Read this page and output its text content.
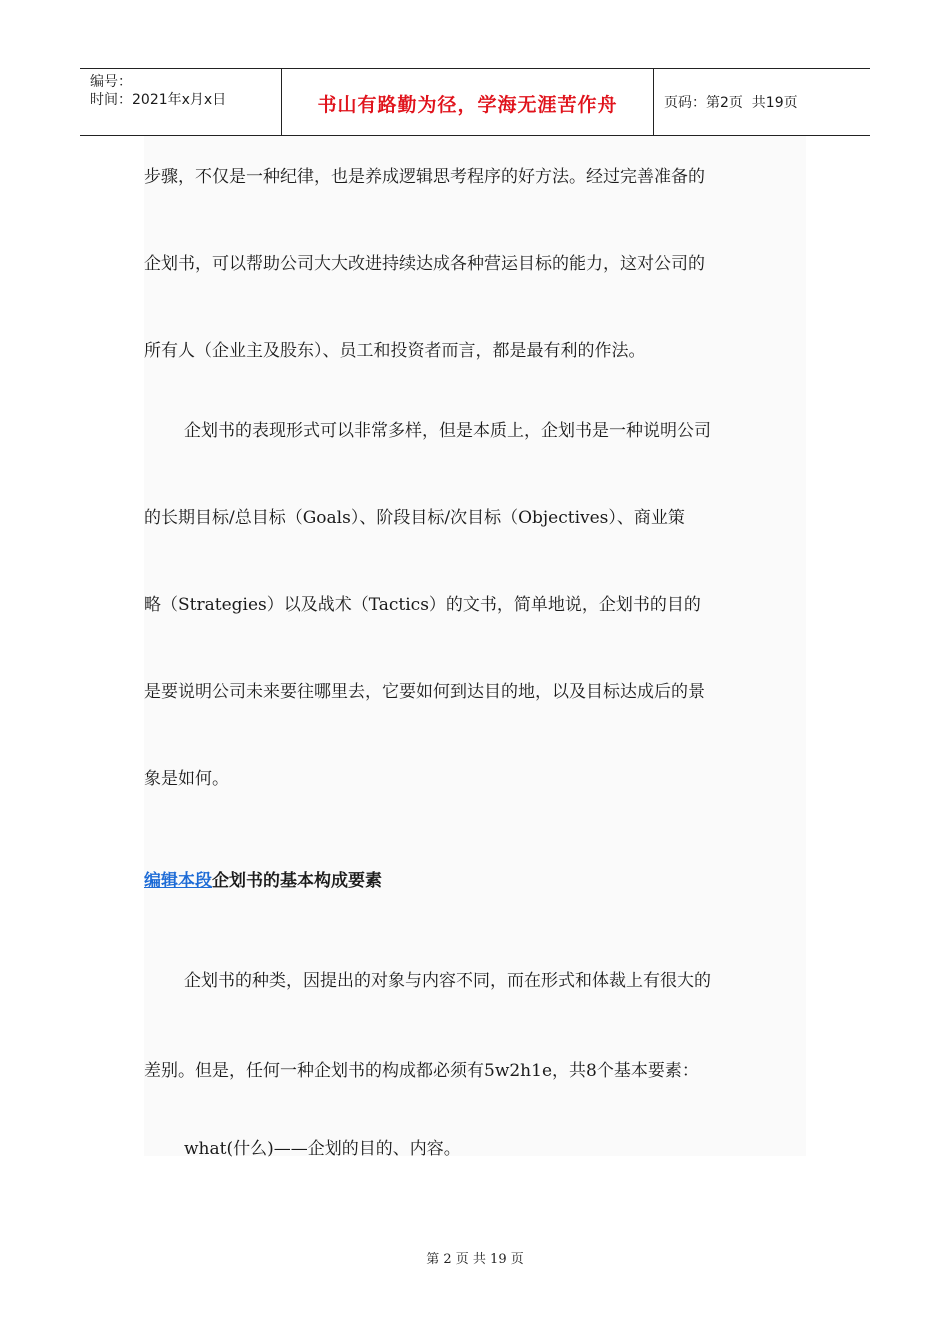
编号：
时间：2021年x月x日	书山有路勤为径，学海无涯苦作舟	页码：第2页  共19页
步骤，不仅是一种纪律，也是养成逻辑思考程序的好方法。经过完善准备的
企划书，可以帮助公司大大改进持续达成各种营运目标的能力，这对公司的
所有人（企业主及股东）、员工和投资者而言，都是最有利的作法。
企划书的表现形式可以非常多样，但是本质上，企划书是一种说明公司
的长期目标/总目标（Goals）、阶段目标/次目标（Objectives）、商业策
略（Strategies）以及战术（Tactics）的文书，简单地说，企划书的目的
是要说明公司未来要往哪里去，它要如何到达目的地，以及目标达成后的景
象是如何。
编辑本段企划书的基本构成要素
企划书的种类，因提出的对象与内容不同，而在形式和体裁上有很大的
差别。但是，任何一种企划书的构成都必须有5w2h1e，共8个基本要素：
what(什么)——企划的目的、内容。
第 2 页 共 19 页
